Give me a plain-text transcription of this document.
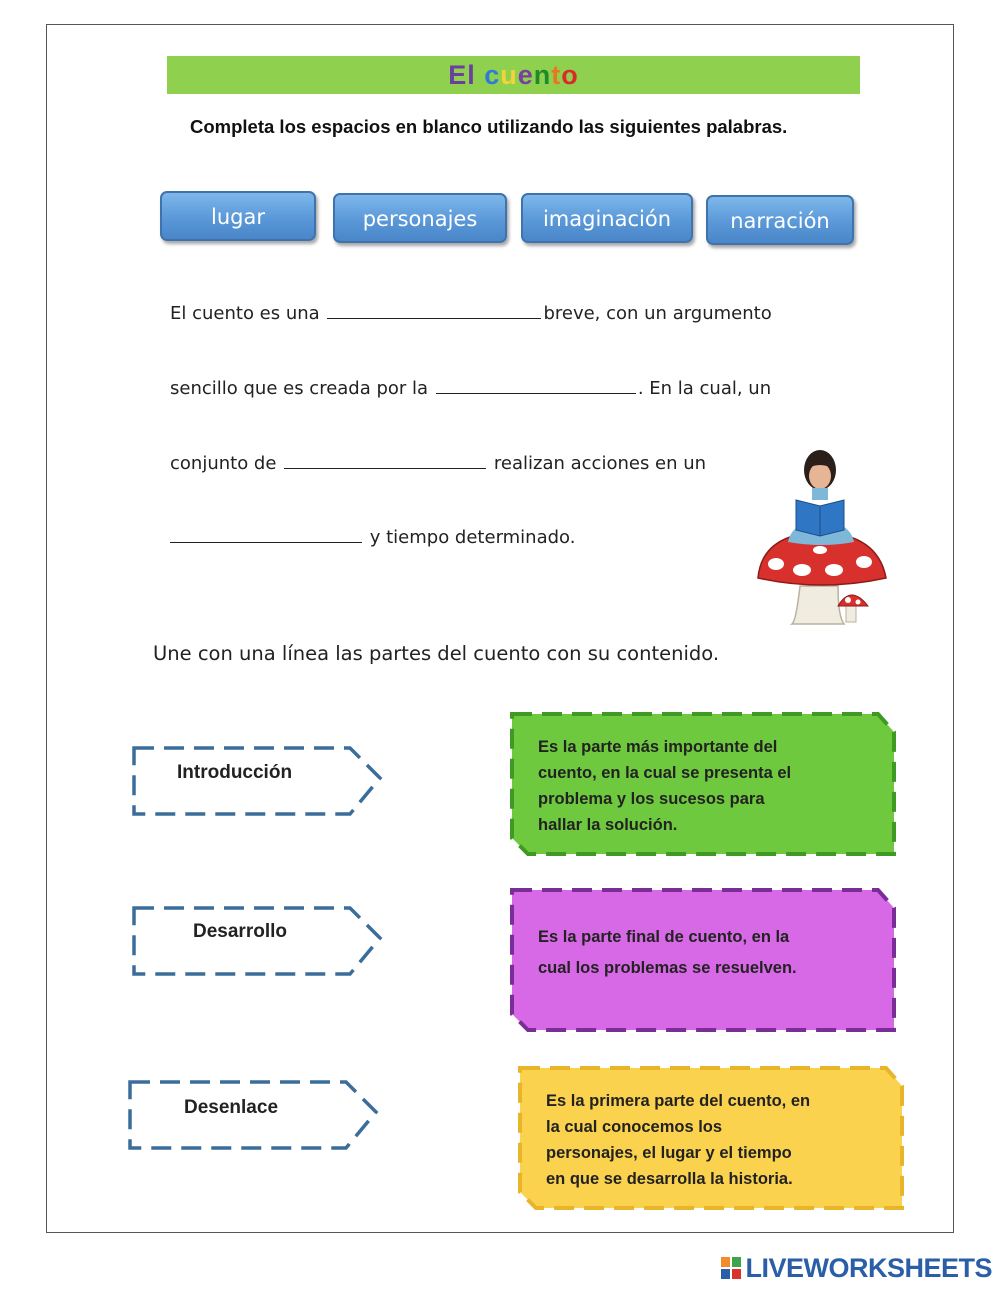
El cuento
Completa los espacios en blanco utilizando las siguientes palabras.
lugar	personajes	imaginación	narración
El cuento es una	breve, con un argumento
sencillo que es creada por la	. En la cual, un
conjunto de	realizan acciones en un
y tiempo determinado.
Une con una línea las partes del cuento con su contenido.
Introducción
Desarrollo
Desenlace
Es la parte más importante del
cuento, en la cual se presenta el
problema y los sucesos para
hallar la solución.
Es la parte final de cuento, en la
cual los problemas se resuelven.
Es la primera parte del cuento, en
la cual conocemos los
personajes, el lugar y el tiempo
en que se desarrolla la historia.
LIVEWORKSHEETS
